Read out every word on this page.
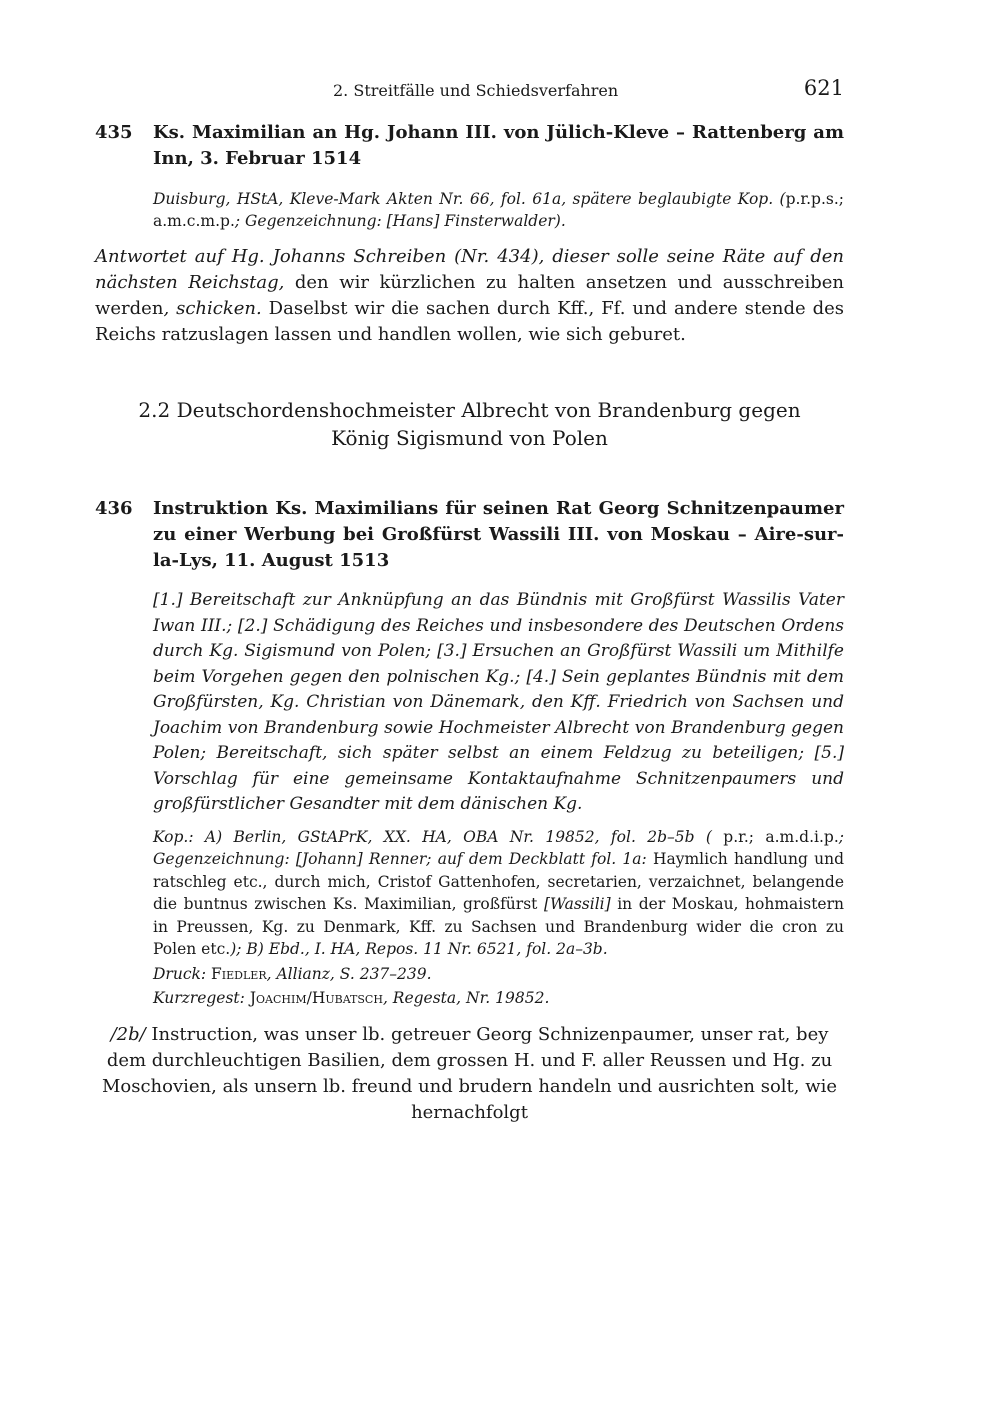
2. Streitfälle und Schiedsverfahren	621
435	Ks. Maximilian an Hg. Johann III. von Jülich-Kleve – Rattenberg am Inn, 3. Februar 1514
Duisburg, HStA, Kleve-Mark Akten Nr. 66, fol. 61a, spätere beglaubigte Kop. (p.r.p.s.; a.m.c.m.p.; Gegenzeichnung: [Hans] Finsterwalder).
Antwortet auf Hg. Johanns Schreiben (Nr. 434), dieser solle seine Räte auf den nächsten Reichstag, den wir kürzlichen zu halten ansetzen und ausschreiben werden, schicken. Daselbst wir die sachen durch Kff., Ff. und andere stende des Reichs ratzuslagen lassen und handlen wollen, wie sich geburet.
2.2 Deutschordenshochmeister Albrecht von Brandenburg gegen
König Sigismund von Polen
436	Instruktion Ks. Maximilians für seinen Rat Georg Schnitzenpaumer zu einer Werbung bei Großfürst Wassili III. von Moskau – Aire-sur-la-Lys, 11. August 1513
[1.] Bereitschaft zur Anknüpfung an das Bündnis mit Großfürst Wassilis Vater Iwan III.; [2.] Schädigung des Reiches und insbesondere des Deutschen Ordens durch Kg. Sigismund von Polen; [3.] Ersuchen an Großfürst Wassili um Mithilfe beim Vorgehen gegen den polnischen Kg.; [4.] Sein geplantes Bündnis mit dem Großfürsten, Kg. Christian von Dänemark, den Kff. Friedrich von Sachsen und Joachim von Brandenburg sowie Hochmeister Albrecht von Brandenburg gegen Polen; Bereitschaft, sich später selbst an einem Feldzug zu beteiligen; [5.] Vorschlag für eine gemeinsame Kontaktaufnahme Schnitzenpaumers und großfürstlicher Gesandter mit dem dänischen Kg.

Kop.: A) Berlin, GStAPrK, XX. HA, OBA Nr. 19852, fol. 2b–5b ( p.r.; a.m.d.i.p.; Gegenzeichnung: [Johann] Renner; auf dem Deckblatt fol. 1a: Haymlich handlung und ratschleg etc., durch mich, Cristof Gattenhofen, secretarien, verzaichnet, belangende die buntnus zwischen Ks. Maximilian, großfürst [Wassili] in der Moskau, hohmaistern in Preussen, Kg. zu Denmark, Kff. zu Sachsen und Brandenburg wider die cron zu Polen etc.); B) Ebd., I. HA, Repos. 11 Nr. 6521, fol. 2a–3b.

Druck: Fiedler, Allianz, S. 237–239.

Kurzregest: Joachim/Hubatsch, Regesta, Nr. 19852.

/2b/ Instruction, was unser lb. getreuer Georg Schnizenpaumer, unser rat, bey dem durchleuchtigen Basilien, dem grossen H. und F. aller Reussen und Hg. zu Moschovien, als unsern lb. freund und brudern handeln und ausrichten solt, wie hernachfolgt
